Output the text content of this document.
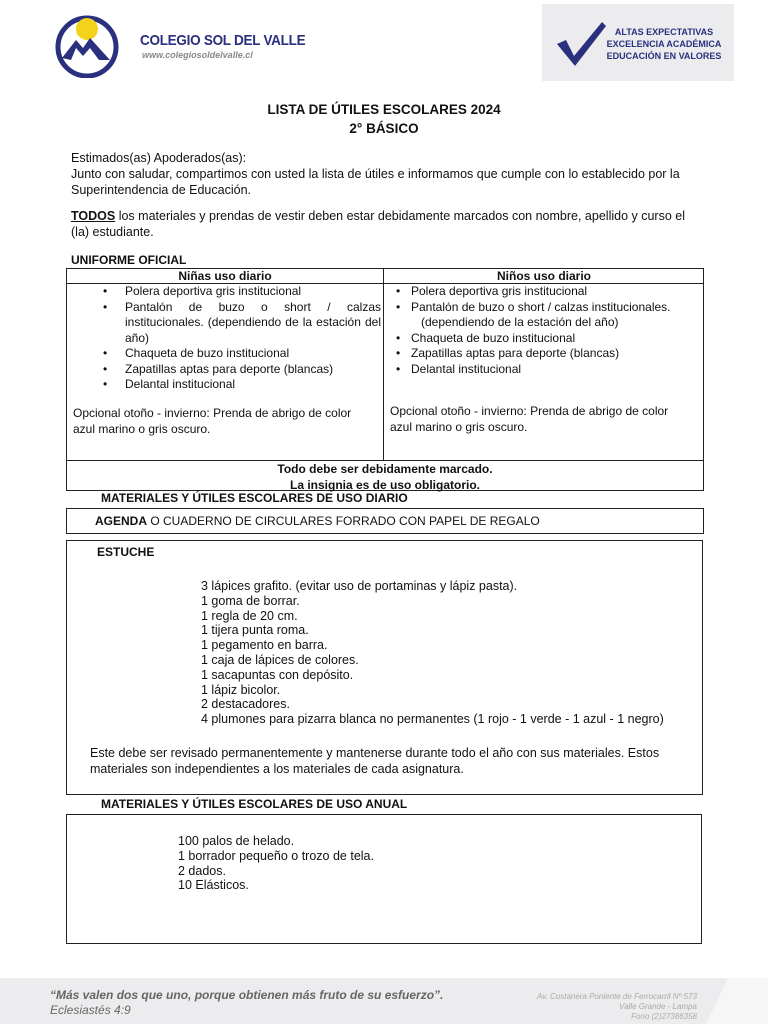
COLEGIO SOL DEL VALLE
www.colegiosoldelvalle.cl
ALTAS EXPECTATIVAS
EXCELENCIA ACADÉMICA
EDUCACIÓN EN VALORES
LISTA DE ÚTILES ESCOLARES 2024
2° BÁSICO
Estimados(as) Apoderados(as):
Junto con saludar, compartimos con usted la lista de útiles e informamos que cumple con lo establecido por la
Superintendencia de Educación.
TODOS los materiales y prendas de vestir deben estar debidamente marcados con nombre, apellido y curso el
(la) estudiante.
UNIFORME OFICIAL
Niñas uso diario	Niños uso diario
• Polera deportiva gris institucional
• Pantalón de buzo o short / calzas institucionales. (dependiendo de la estación del año)
• Chaqueta de buzo institucional
• Zapatillas aptas para deporte (blancas)
• Delantal institucional
Opcional otoño - invierno: Prenda de abrigo de color
azul marino o gris oscuro.
• Polera deportiva gris institucional
• Pantalón de buzo o short / calzas institucionales.
(dependiendo de la estación del año)
• Chaqueta de buzo institucional
• Zapatillas aptas para deporte (blancas)
• Delantal institucional
Opcional otoño - invierno: Prenda de abrigo de color
azul marino o gris oscuro.
Todo debe ser debidamente marcado.
La insignia es de uso obligatorio.
MATERIALES Y ÚTILES ESCOLARES DE USO DIARIO
AGENDA O CUADERNO DE CIRCULARES FORRADO CON PAPEL DE REGALO
ESTUCHE
3 lápices grafito. (evitar uso de portaminas y lápiz pasta).
1 goma de borrar.
1 regla de 20 cm.
1 tijera punta roma.
1 pegamento en barra.
1 caja de lápices de colores.
1 sacapuntas con depósito.
1 lápiz bicolor.
2 destacadores.
4 plumones para pizarra blanca no permanentes (1 rojo - 1 verde - 1 azul - 1 negro)
Este debe ser revisado permanentemente y mantenerse durante todo el año con sus materiales. Estos
materiales son independientes a los materiales de cada asignatura.
MATERIALES Y ÚTILES ESCOLARES DE USO ANUAL
100 palos de helado.
1 borrador pequeño o trozo de tela.
2 dados.
10 Elásticos.
“Más valen dos que uno, porque obtienen más fruto de su esfuerzo”.
Eclesiastés 4:9
Av. Costanera Poniente de Ferrocarril Nº 573
Valle Grande - Lampa
Fono (2)27386358
